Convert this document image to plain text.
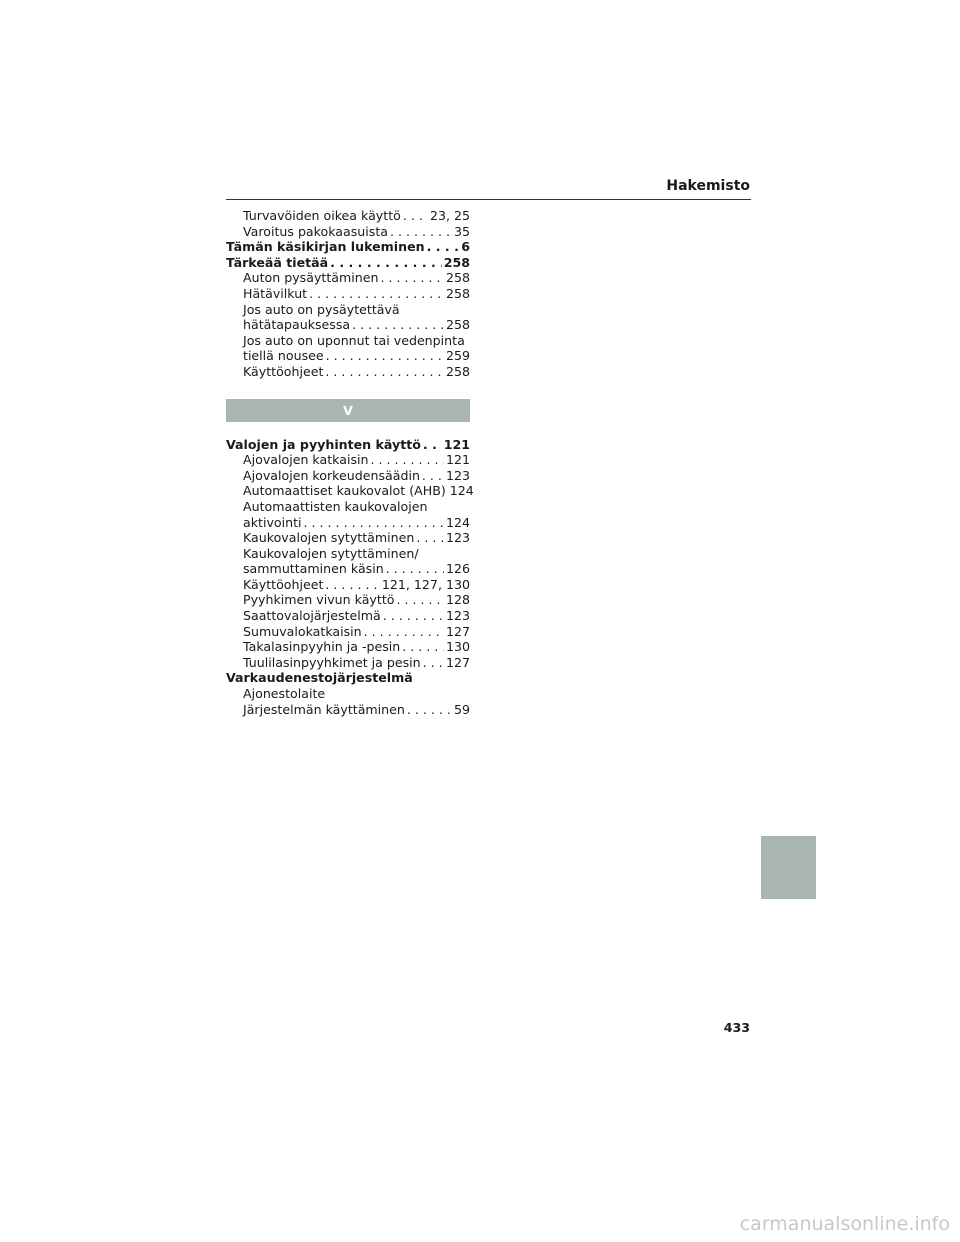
Hakemisto
Turvavöiden oikea käyttö . . . 23, 25
Varoitus pakokaasuista . . .	35
Tämän käsikirjan lukeminen . . .	6
Tärkeää tietää . . .	258
Auton pysäyttäminen . . .	258
Hätävilkut . . .	258
Jos auto on pysäytettävä
hätätapauksessa . . .	258
Jos auto on uponnut tai vedenpinta
tiellä nousee . . .	259
Käyttöohjeet . . .	258
V
Valojen ja pyyhinten käyttö . . . 121
Ajovalojen katkaisin . . .	121
Ajovalojen korkeudensäädin . . . 123
Automaattiset kaukovalot (AHB) 124
Automaattisten kaukovalojen
aktivointi . . .	124
Kaukovalojen sytyttäminen . . .	123
Kaukovalojen sytyttäminen/
sammuttaminen käsin . . .	126
Käyttöohjeet . . .	121, 127, 130
Pyyhkimen vivun käyttö . . .	128
Saattovalojärjestelmä . . .	123
Sumuvalokatkaisin . . .	127
Takalasinpyyhin ja -pesin . . .	130
Tuulilasinpyyhkimet ja pesin . . . 127
Varkaudenestojärjestelmä
Ajonestolaite
Järjestelmän käyttäminen . . .	59
433
carmanualsonline.info
